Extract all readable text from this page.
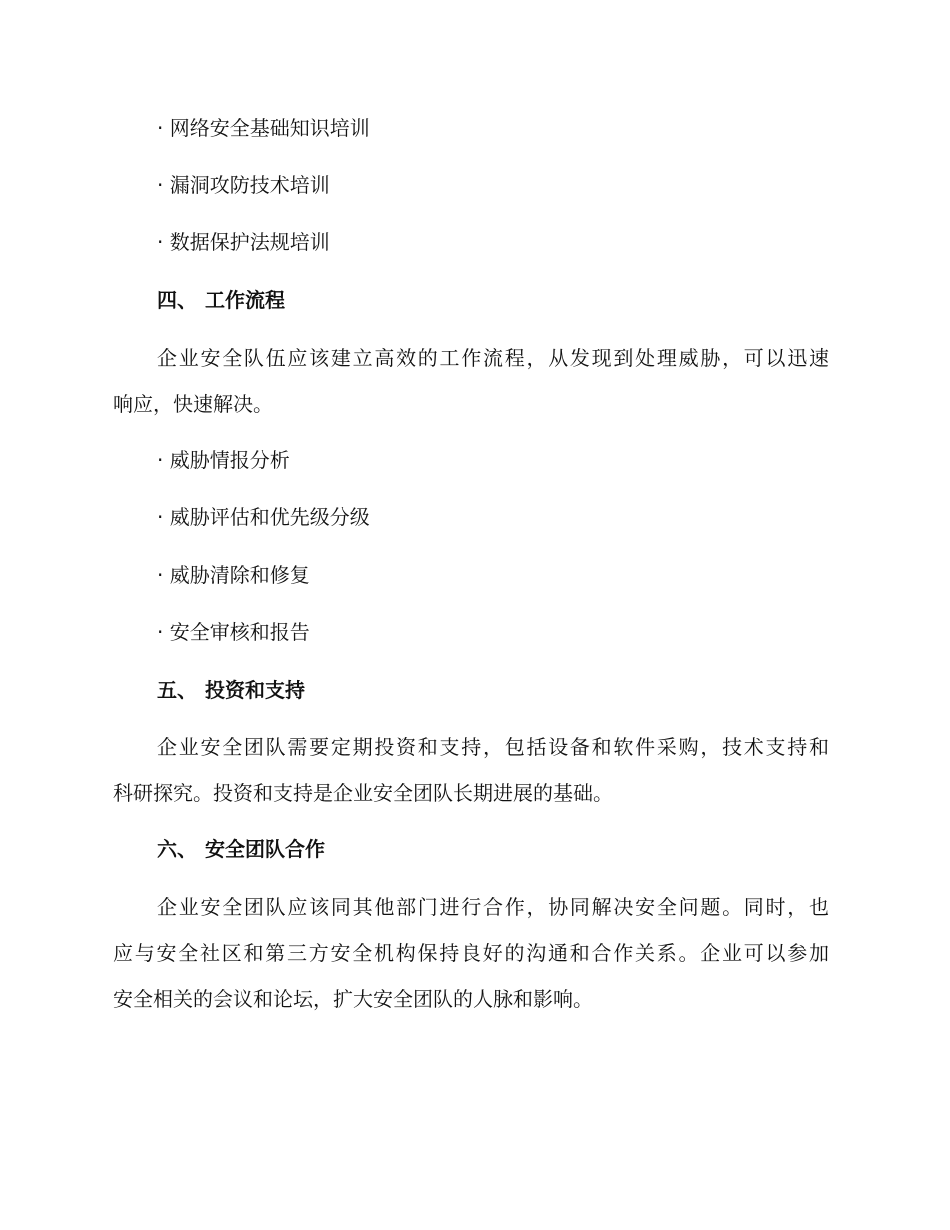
· 网络安全基础知识培训
· 漏洞攻防技术培训
· 数据保护法规培训
四、 工作流程
企业安全队伍应该建立高效的工作流程，从发现到处理威胁，可以迅速
响应，快速解决。
· 威胁情报分析
· 威胁评估和优先级分级
· 威胁清除和修复
· 安全审核和报告
五、 投资和支持
企业安全团队需要定期投资和支持，包括设备和软件采购，技术支持和
科研探究。投资和支持是企业安全团队长期进展的基础。
六、 安全团队合作
企业安全团队应该同其他部门进行合作，协同解决安全问题。同时，也
应与安全社区和第三方安全机构保持良好的沟通和合作关系。企业可以参加
安全相关的会议和论坛，扩大安全团队的人脉和影响。
